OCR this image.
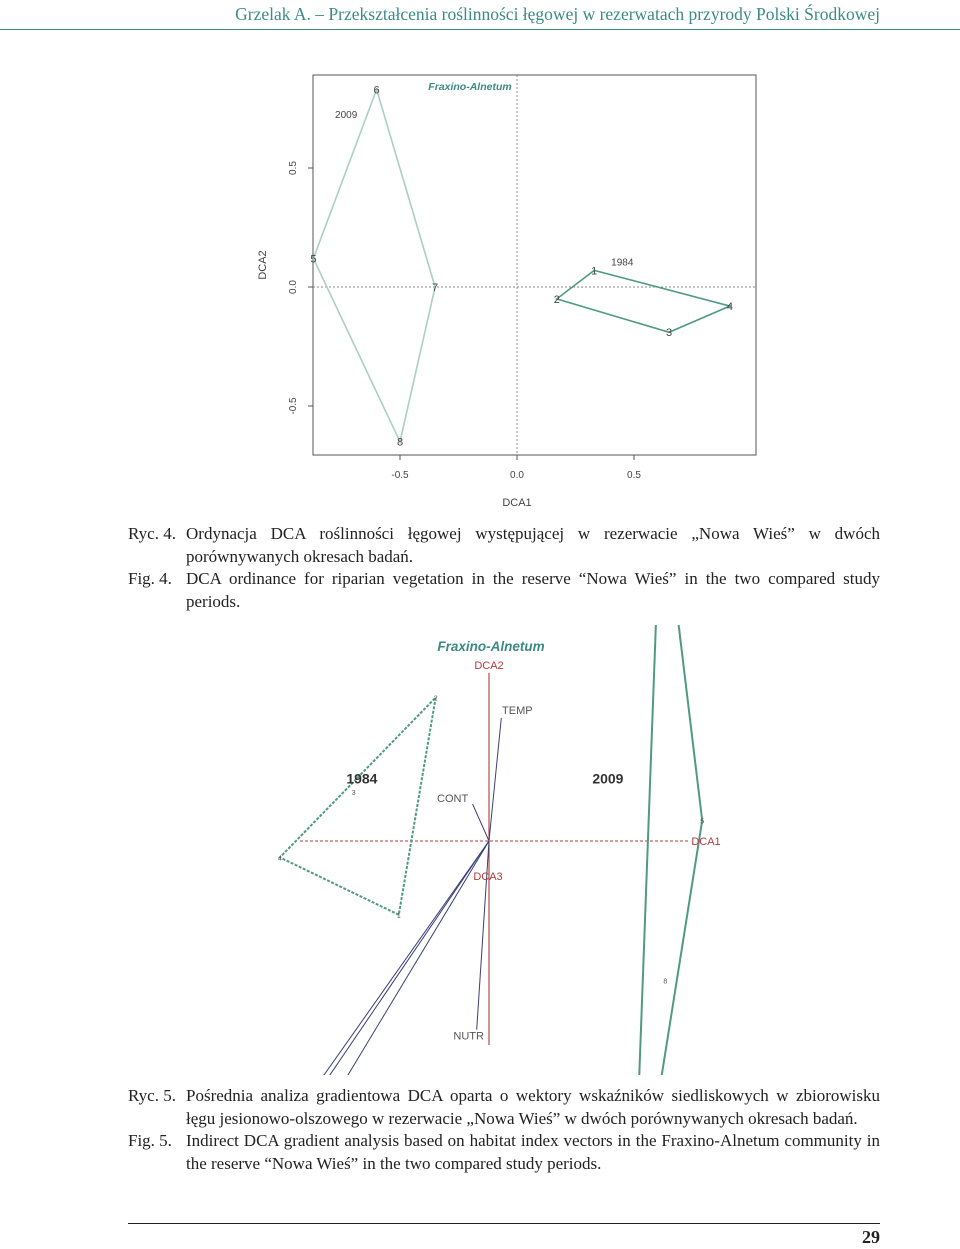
Grzelak A. – Przekształcenia roślinności łęgowej w rezerwatach przyrody Polski Środkowej
-0.5	0.0	0.5
-0.5
0.0
0.5
5
6
7
8
2009
1
2
3
4
1984
Fraxino-Alnetum
DCA1
DCA2
Ryc. 4. Ordynacja DCA roślinności łęgowej występującej w rezerwacie „Nowa Wieś” w dwóch porównywanych okresach badań.
Fig. 4. DCA ordinance for riparian vegetation in the reserve “Nowa Wieś” in the two compared study periods.
DCA2
DCA1
DCA3
TEMP
CONT
NUTR
1
2
3
4
1984
5
8
2009
Fraxino-Alnetum
Ryc. 5. Pośrednia analiza gradientowa DCA oparta o wektory wskaźników siedliskowych w zbiorowisku łęgu jesionowo-olszowego w rezerwacie „Nowa Wieś” w dwóch porównywanych okresach badań.
Fig. 5. Indirect DCA gradient analysis based on habitat index vectors in the Fraxino-Alnetum community in the reserve “Nowa Wieś” in the two compared study periods.
29
